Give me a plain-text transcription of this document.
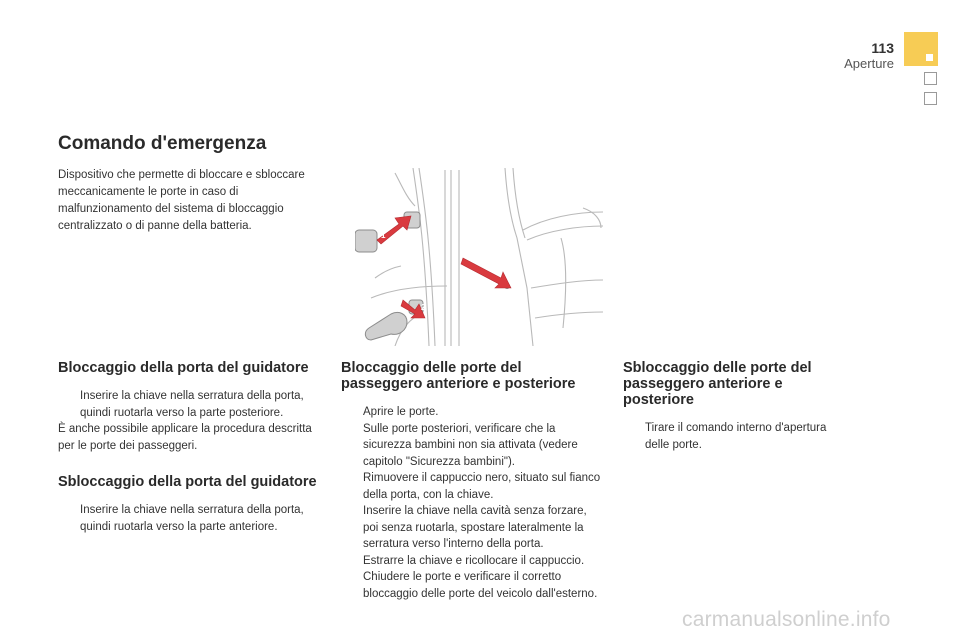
113
Aperture
Comando d'emergenza

Dispositivo che permette di bloccare e sbloccare meccanicamente le porte in caso di malfunzionamento del sistema di bloccaggio centralizzato o di panne della batteria.

1
2
Bloccaggio della porta del guidatore
Inserire la chiave nella serratura della porta, quindi ruotarla verso la parte posteriore.

È anche possibile applicare la procedura descritta per le porte dei passeggeri.

Sbloccaggio della porta del guidatore
Inserire la chiave nella serratura della porta, quindi ruotarla verso la parte anteriore.
Bloccaggio delle porte del passeggero anteriore e posteriore
Aprire le porte.
Sulle porte posteriori, verificare che la sicurezza bambini non sia attivata (vedere capitolo "Sicurezza bambini").
Rimuovere il cappuccio nero, situato sul fianco della porta, con la chiave.
Inserire la chiave nella cavità senza forzare, poi senza ruotarla, spostare lateralmente la serratura verso l'interno della porta.
Estrarre la chiave e ricollocare il cappuccio.
Chiudere le porte e verificare il corretto bloccaggio delle porte del veicolo dall'esterno.
Sbloccaggio delle porte del passeggero anteriore e posteriore
Tirare il comando interno d'apertura delle porte.
carmanualsonline.info
